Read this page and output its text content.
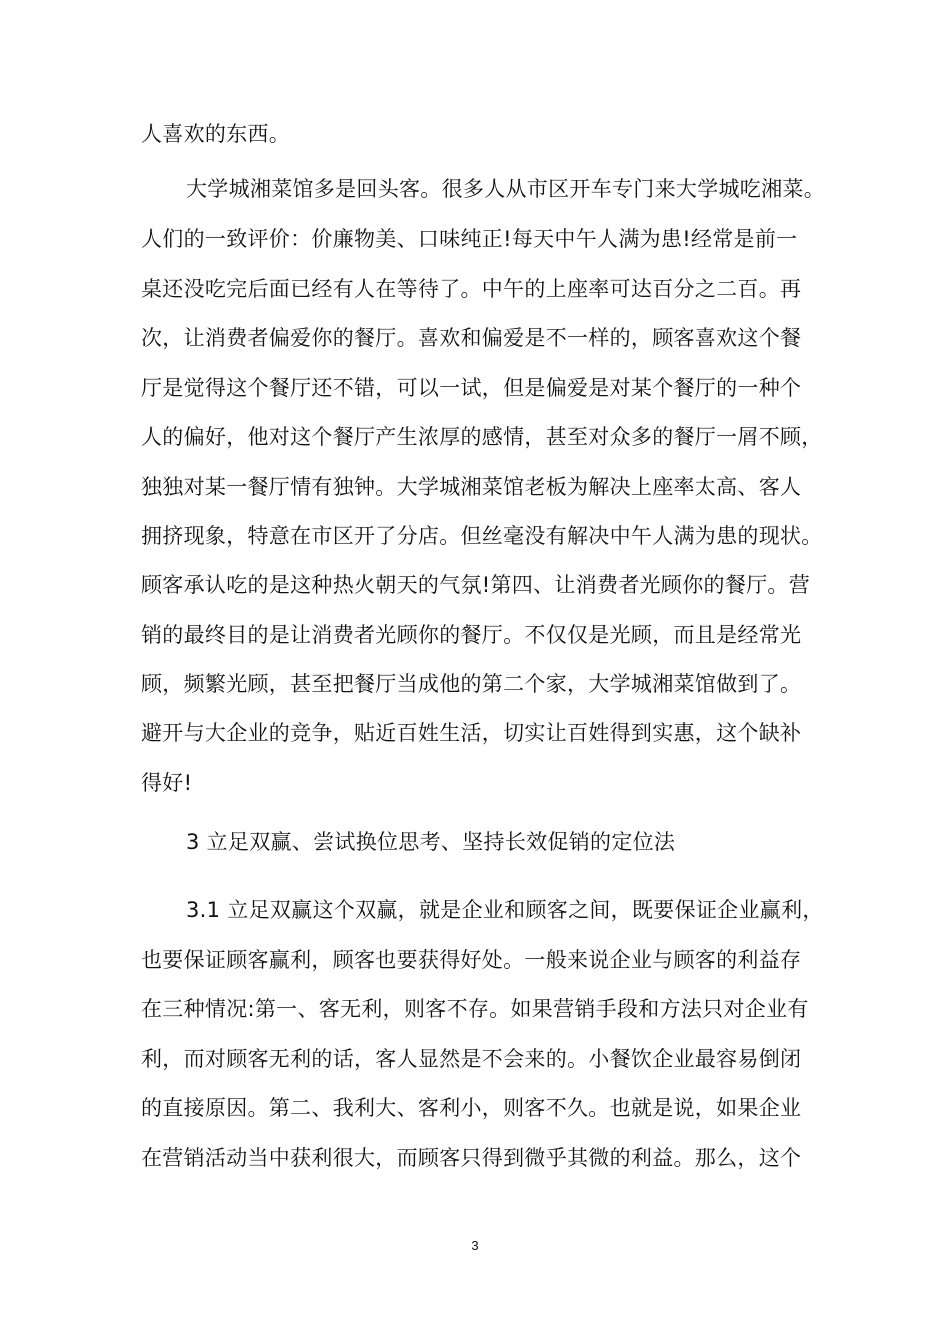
人喜欢的东西。
大学城湘菜馆多是回头客。很多人从市区开车专门来大学城吃湘菜。
人们的一致评价：价廉物美、口味纯正!每天中午人满为患!经常是前一
桌还没吃完后面已经有人在等待了。中午的上座率可达百分之二百。再
次，让消费者偏爱你的餐厅。喜欢和偏爱是不一样的，顾客喜欢这个餐
厅是觉得这个餐厅还不错，可以一试，但是偏爱是对某个餐厅的一种个
人的偏好，他对这个餐厅产生浓厚的感情，甚至对众多的餐厅一屑不顾，
独独对某一餐厅情有独钟。大学城湘菜馆老板为解决上座率太高、客人
拥挤现象，特意在市区开了分店。但丝毫没有解决中午人满为患的现状。
顾客承认吃的是这种热火朝天的气氛!第四、让消费者光顾你的餐厅。营
销的最终目的是让消费者光顾你的餐厅。不仅仅是光顾，而且是经常光
顾，频繁光顾，甚至把餐厅当成他的第二个家，大学城湘菜馆做到了。
避开与大企业的竞争，贴近百姓生活，切实让百姓得到实惠，这个缺补
得好!
3 立足双赢、尝试换位思考、坚持长效促销的定位法
3.1 立足双赢这个双赢，就是企业和顾客之间，既要保证企业赢利，
也要保证顾客赢利，顾客也要获得好处。一般来说企业与顾客的利益存
在三种情况:第一、客无利，则客不存。如果营销手段和方法只对企业有
利，而对顾客无利的话，客人显然是不会来的。小餐饮企业最容易倒闭
的直接原因。第二、我利大、客利小，则客不久。也就是说，如果企业
在营销活动当中获利很大，而顾客只得到微乎其微的利益。那么，这个
3
